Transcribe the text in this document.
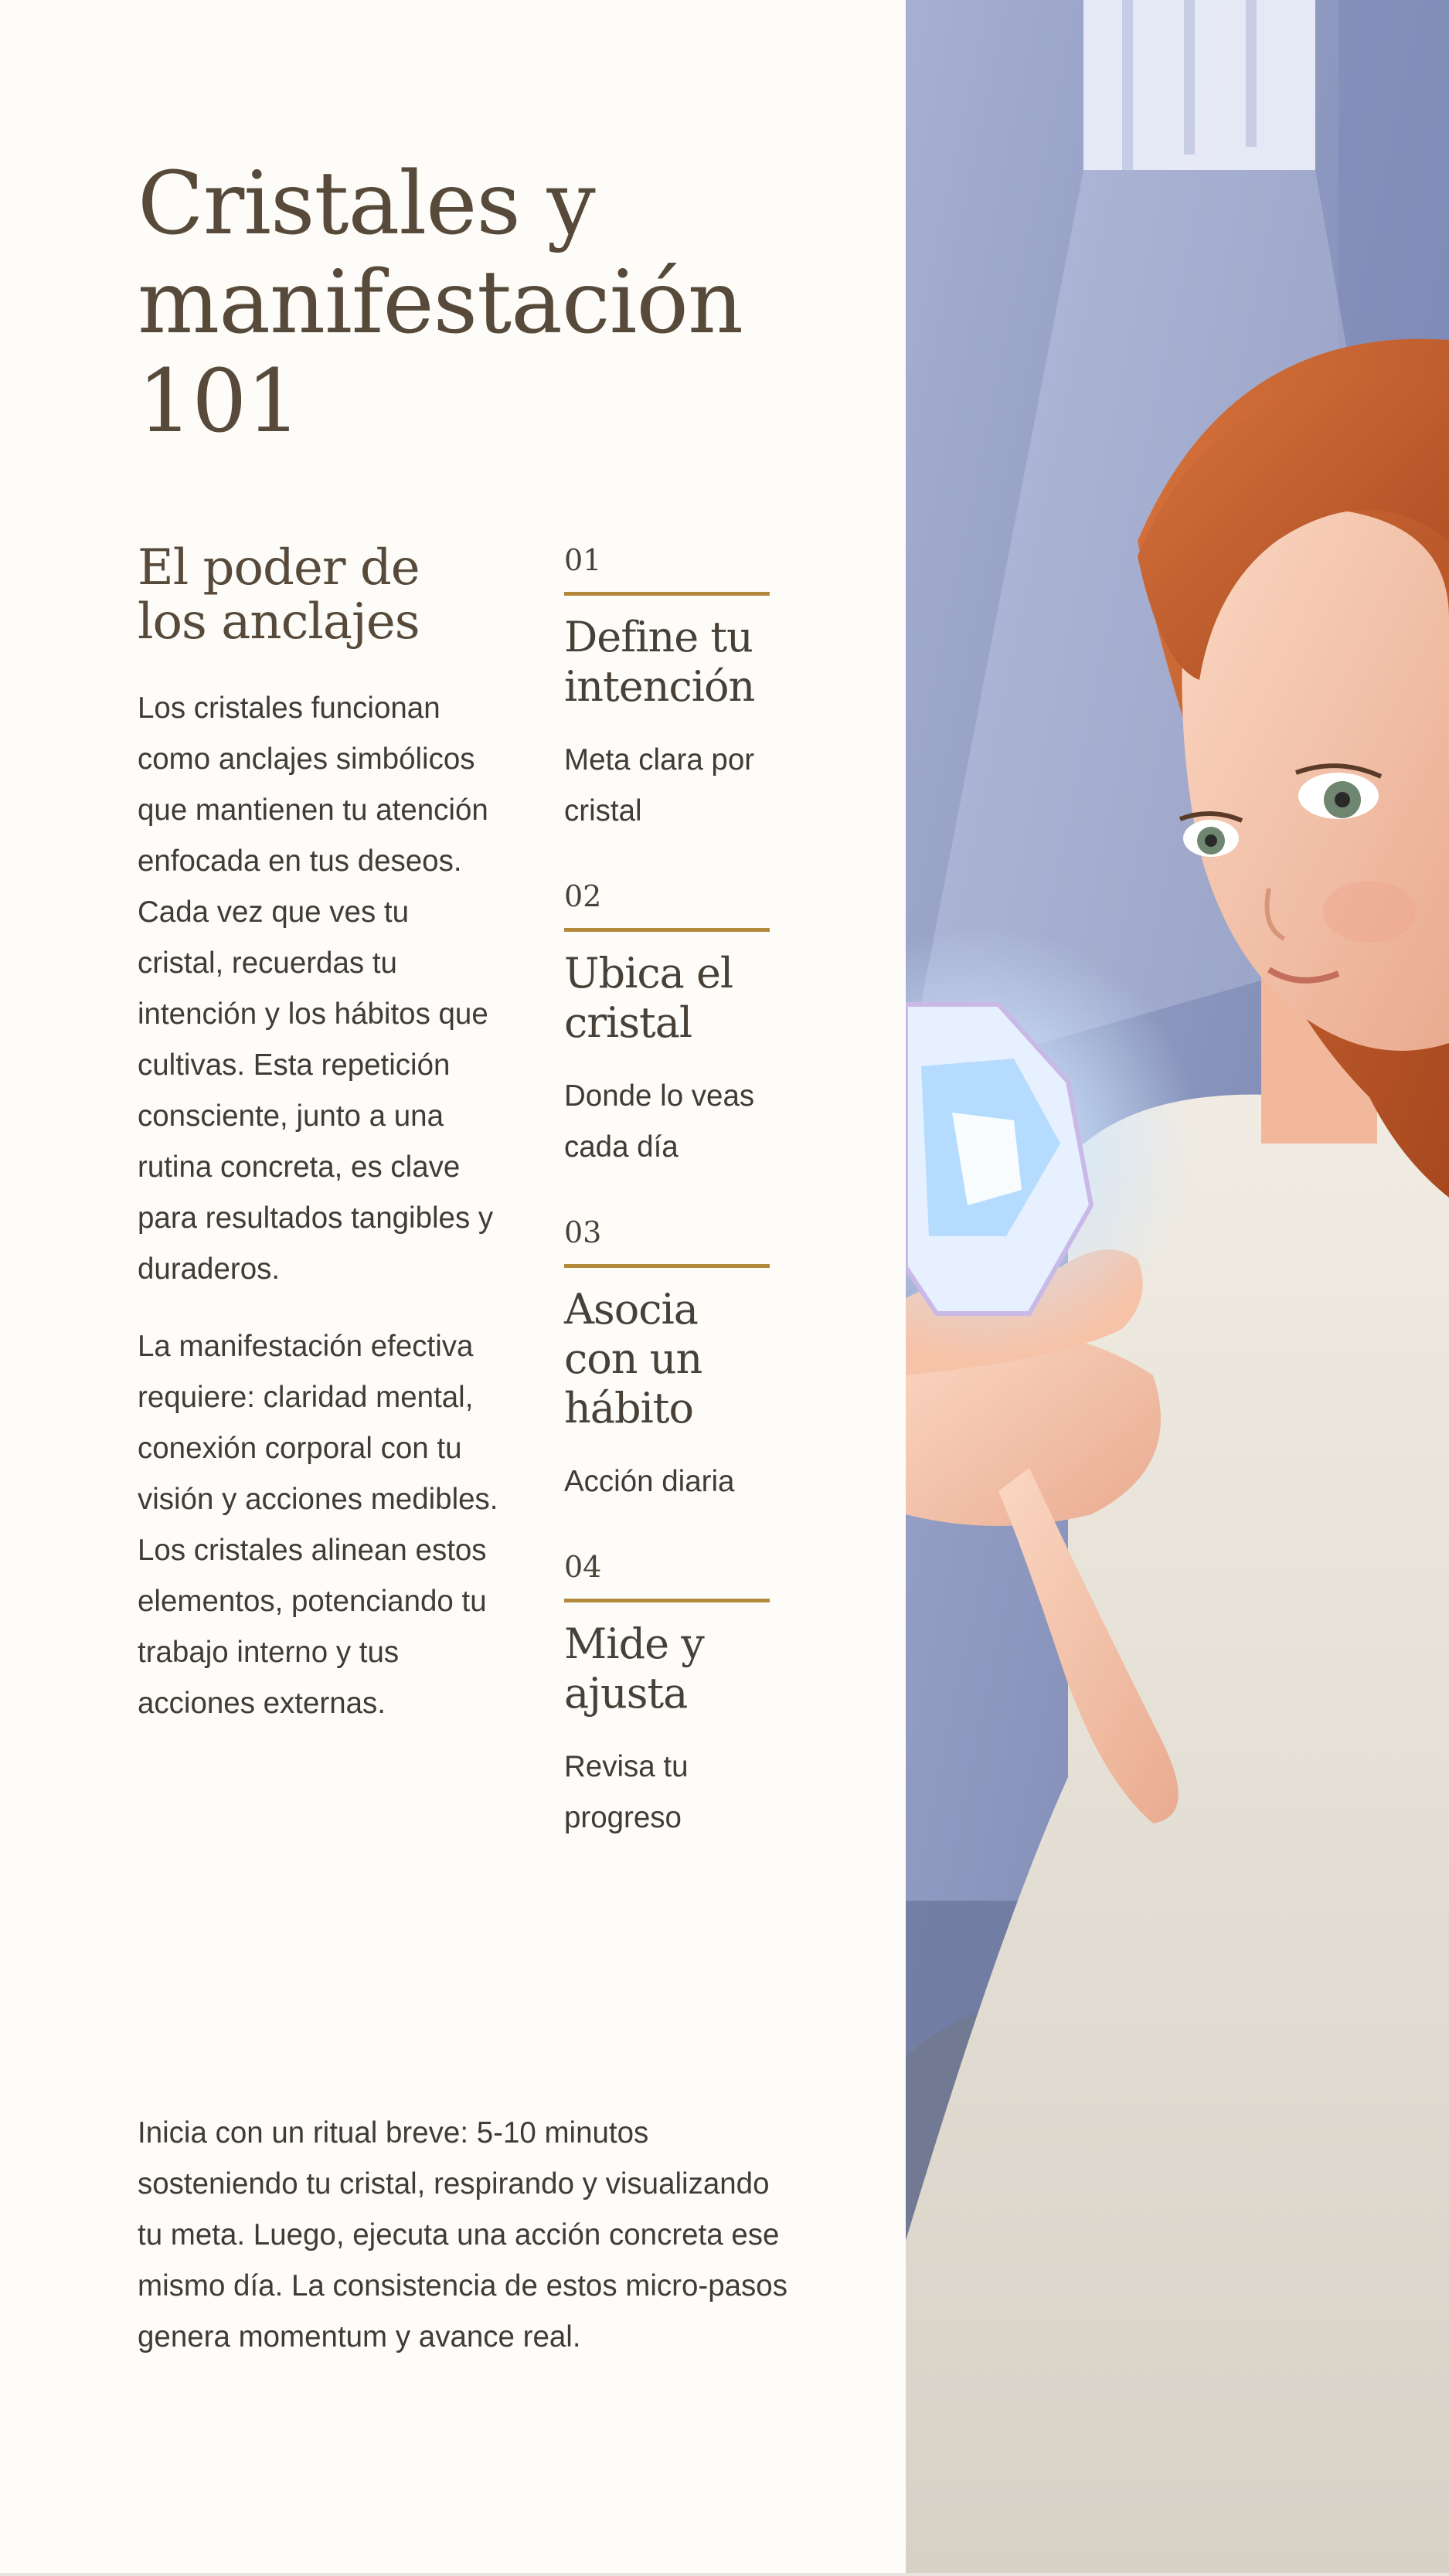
Cristales y manifestación 101
El poder de los anclajes

Los cristales funcionan como anclajes simbólicos que mantienen tu atención enfocada en tus deseos. Cada vez que ves tu cristal, recuerdas tu intención y los hábitos que cultivas. Esta repetición consciente, junto a una rutina concreta, es clave para resultados tangibles y duraderos.

La manifestación efectiva requiere: claridad mental, conexión corporal con tu visión y acciones medibles. Los cristales alinean estos elementos, potenciando tu trabajo interno y tus acciones externas.

01
Define tu intención
Meta clara por cristal
02
Ubica el cristal
Donde lo veas cada día
03
Asocia con un hábito
Acción diaria
04
Mide y ajusta
Revisa tu progreso

Inicia con un ritual breve: 5-10 minutos sosteniendo tu cristal, respirando y visualizando tu meta. Luego, ejecuta una acción concreta ese mismo día. La consistencia de estos micro-pasos genera momentum y avance real.
